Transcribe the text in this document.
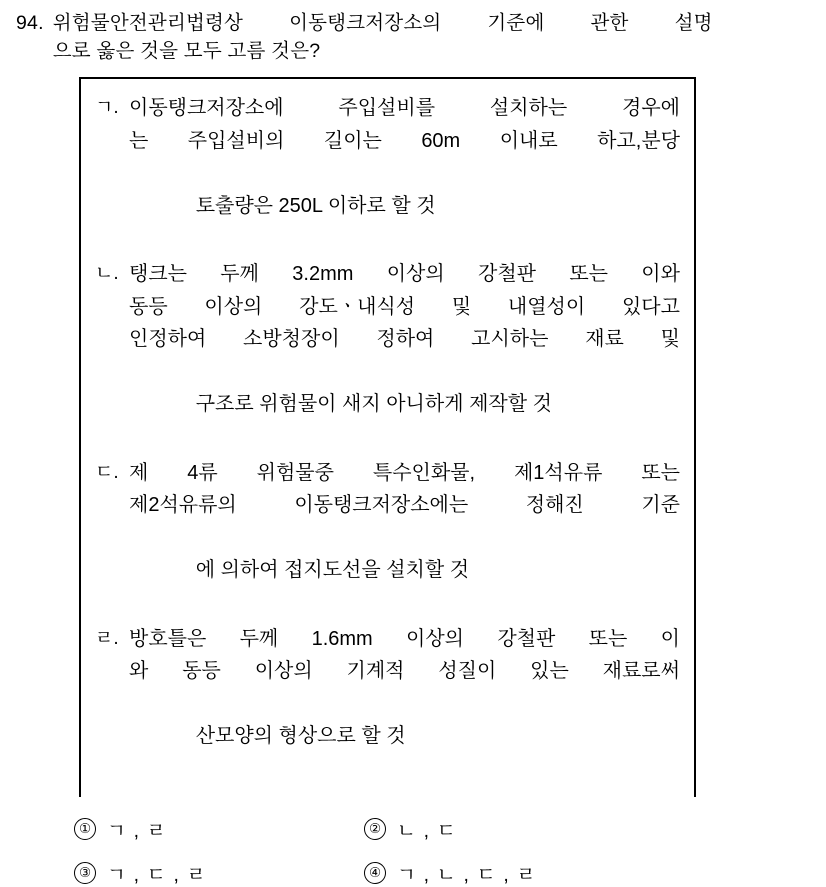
94. 위험물안전관리법령상 이동탱크저장소의 기준에 관한 설명
으로 옳은 것을 모두 고름 것은?
ㄱ. 이동탱크저장소에	주입설비를	설치하는	경우에
는 주입설비의 길이는 60m 이내로 하고,분당

토출량은 250L 이하로 할 것

ㄴ. 탱크는 두께 3.2mm 이상의 강철판 또는 이와
동등 이상의 강도ㆍ내식성 및 내열성이 있다고
인정하여 소방청장이 정하여 고시하는 재료 및

구조로 위험물이 새지 아니하게 제작할 것

ㄷ. 제 4류 위험물중 특수인화물, 제1석유류 또는
제2석유류의	이동탱크저장소에는	정해진	기준

에 의하여 접지도선을 설치할 것

ㄹ. 방호틀은 두께 1.6mm 이상의 강철판 또는 이
와 동등 이상의 기계적 성질이 있는 재료로써

산모양의 형상으로 할 것

① ㄱ , ㄹ	② ㄴ , ㄷ
③ ㄱ , ㄷ , ㄹ	④ ㄱ , ㄴ , ㄷ , ㄹ
